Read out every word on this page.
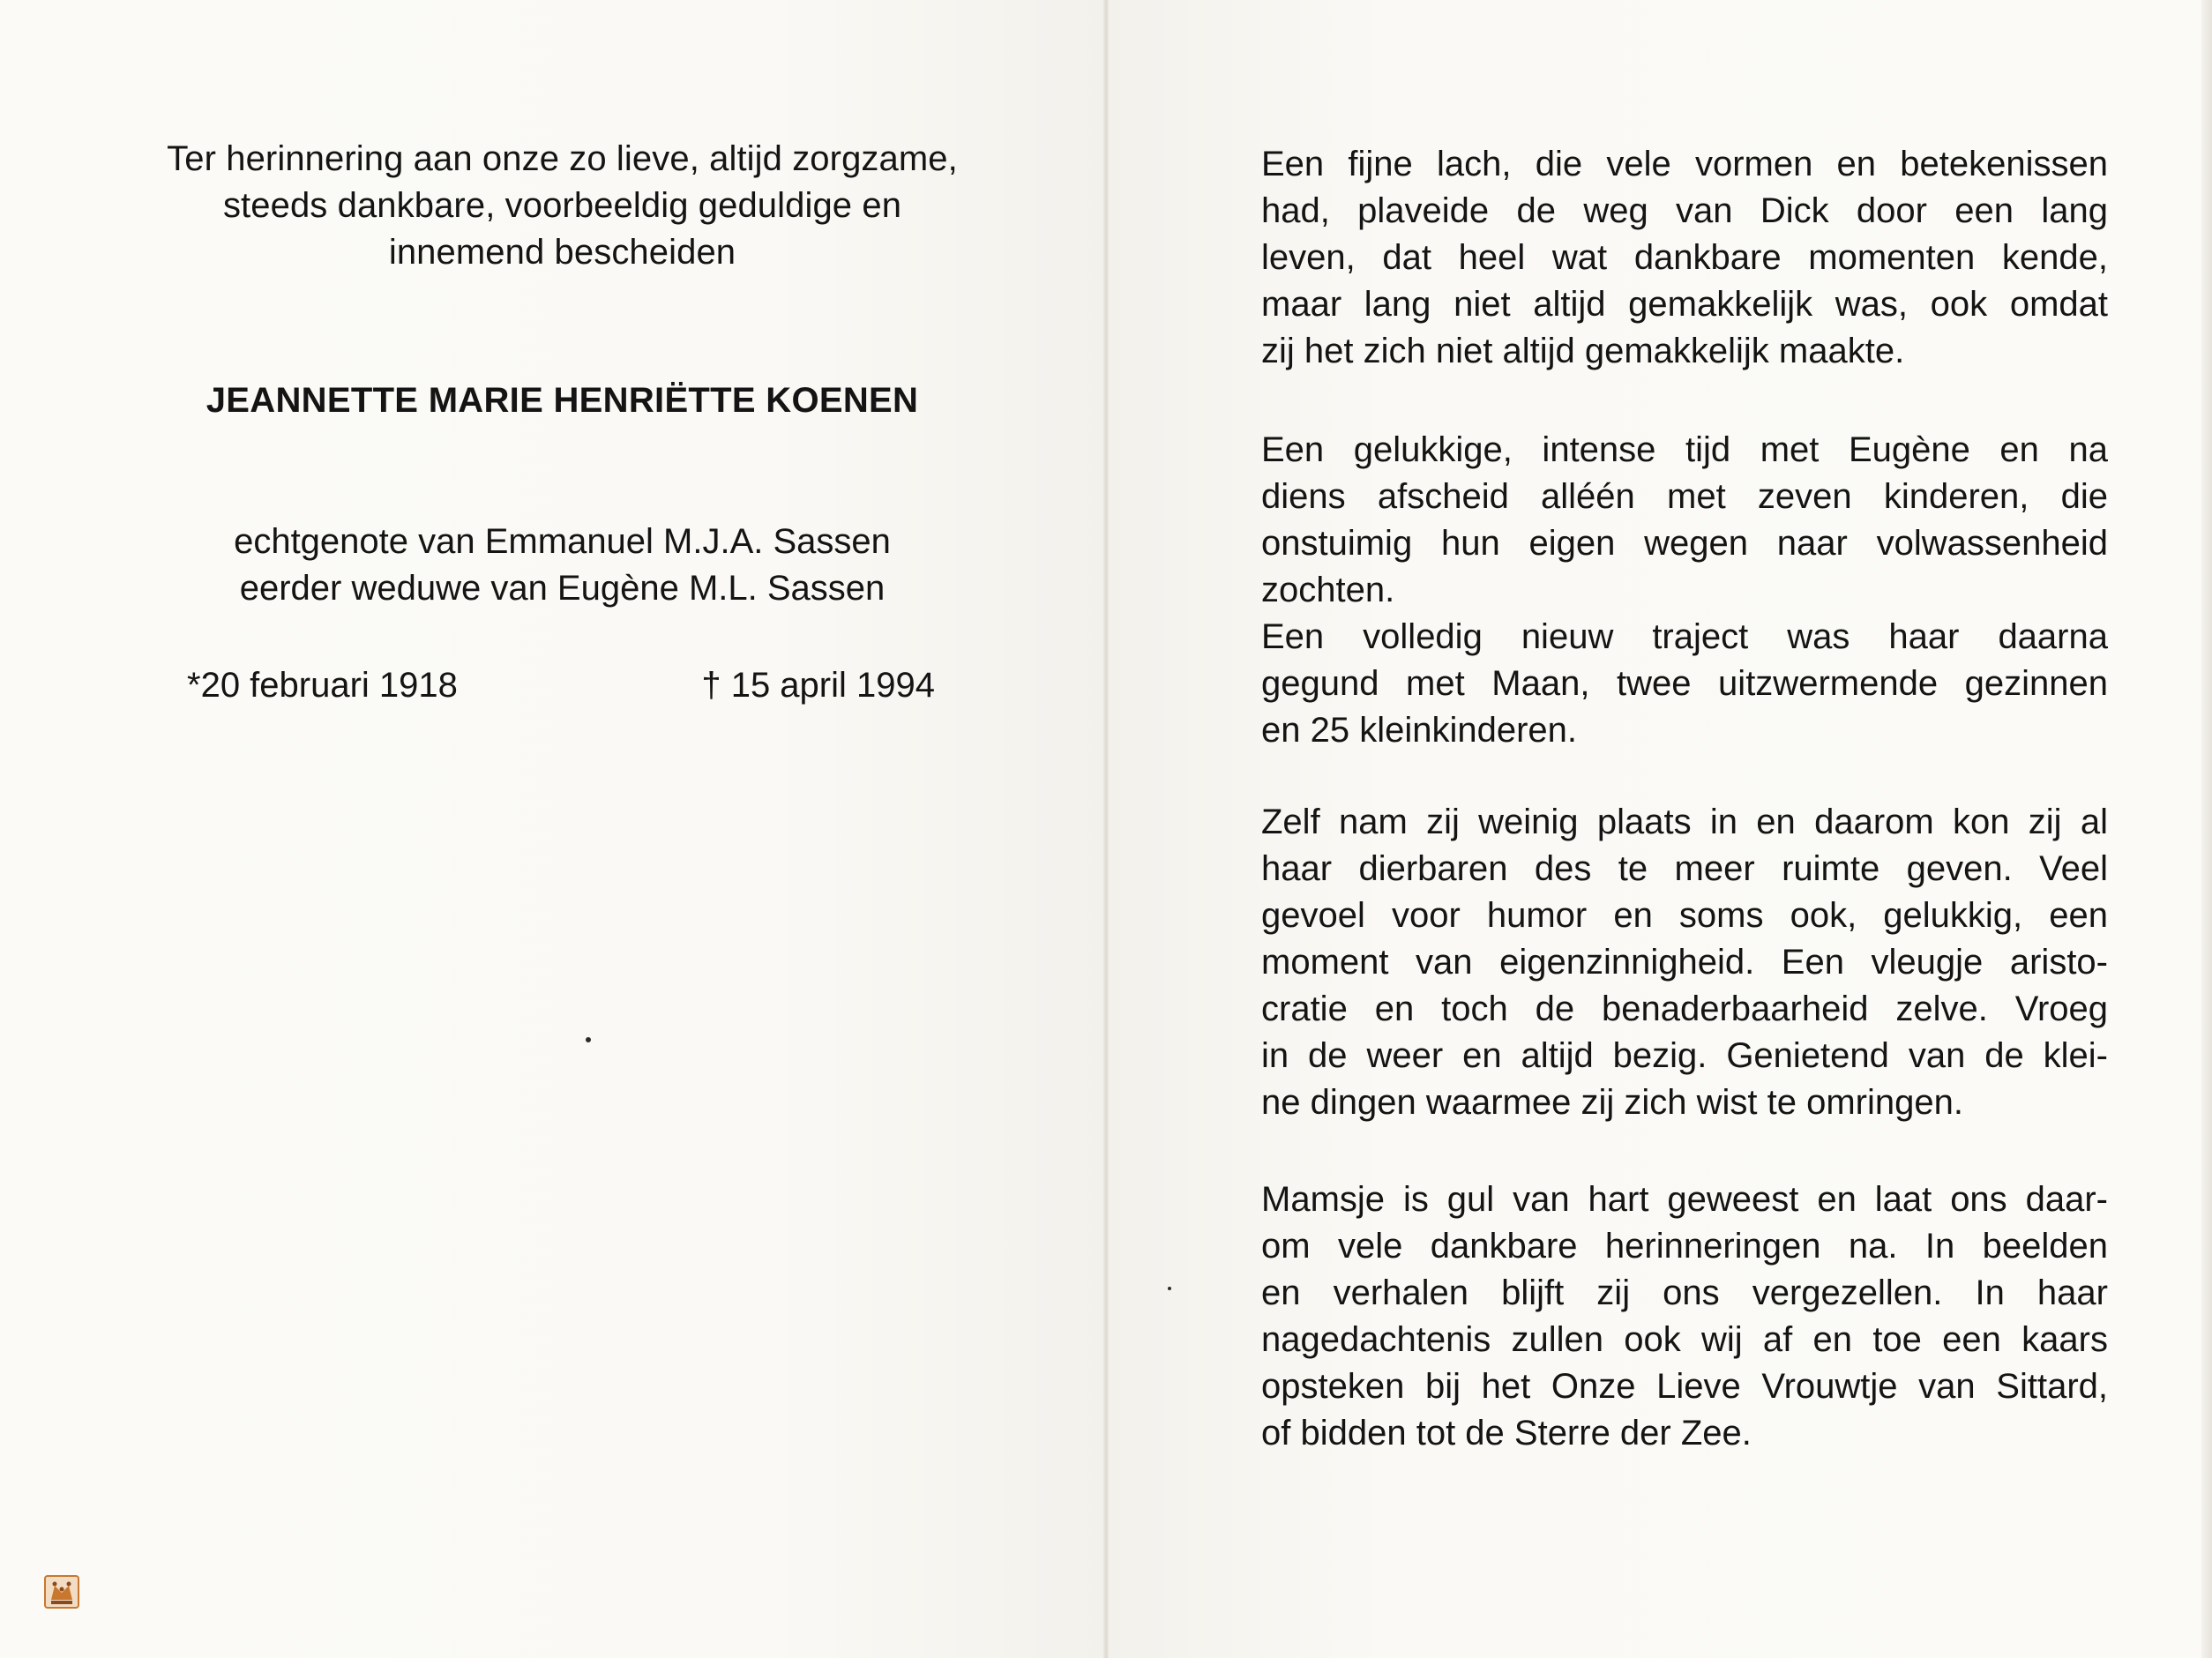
Ter herinnering aan onze zo lieve, altijd zorgzame,
steeds dankbare, voorbeeldig geduldige en
innemend bescheiden
JEANNETTE MARIE HENRIËTTE KOENEN
echtgenote van Emmanuel M.J.A. Sassen
eerder weduwe van Eugène M.L. Sassen
*20 februari 1918	† 15 april 1994
Een fijne lach, die vele vormen en betekenissen
had, plaveide de weg van Dick door een lang
leven, dat heel wat dankbare momenten kende,
maar lang niet altijd gemakkelijk was, ook omdat
zij het zich niet altijd gemakkelijk maakte.
Een gelukkige, intense tijd met Eugène en na
diens afscheid alléén met zeven kinderen, die
onstuimig hun eigen wegen naar volwassenheid
zochten.
Een volledig nieuw traject was haar daarna
gegund met Maan, twee uitzwermende gezinnen
en 25 kleinkinderen.
Zelf nam zij weinig plaats in en daarom kon zij al
haar dierbaren des te meer ruimte geven. Veel
gevoel voor humor en soms ook, gelukkig, een
moment van eigenzinnigheid. Een vleugje aristo-
cratie en toch de benaderbaarheid zelve. Vroeg
in de weer en altijd bezig. Genietend van de klei-
ne dingen waarmee zij zich wist te omringen.
Mamsje is gul van hart geweest en laat ons daar-
om vele dankbare herinneringen na. In beelden
en verhalen blijft zij ons vergezellen. In haar
nagedachtenis zullen ook wij af en toe een kaars
opsteken bij het Onze Lieve Vrouwtje van Sittard,
of bidden tot de Sterre der Zee.
